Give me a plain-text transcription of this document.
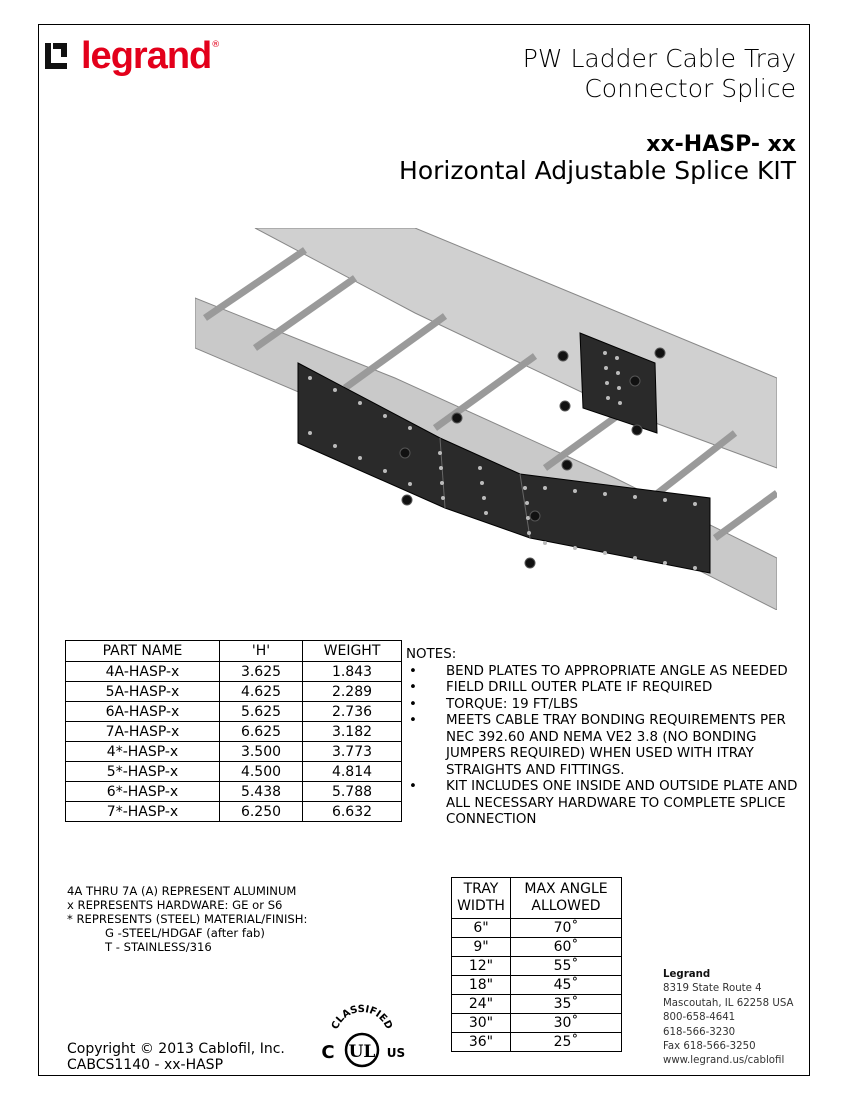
legrand ®	PW Ladder Cable Tray
Connector Splice
xx-HASP- xx
Horizontal Adjustable Splice KIT
PART NAME	'H'	WEIGHT
4A-HASP-x	3.625	1.843
5A-HASP-x	4.625	2.289
6A-HASP-x	5.625	2.736
7A-HASP-x	6.625	3.182
4*-HASP-x	3.500	3.773
5*-HASP-x	4.500	4.814
6*-HASP-x	5.438	5.788
7*-HASP-x	6.250	6.632
NOTES:
• BEND PLATES TO APPROPRIATE ANGLE AS NEEDED
• FIELD DRILL OUTER PLATE IF REQUIRED
• TORQUE: 19 FT/LBS
• MEETS CABLE TRAY BONDING REQUIREMENTS PER NEC 392.60 AND NEMA VE2 3.8 (NO BONDING JUMPERS REQUIRED) WHEN USED WITH ITRAY STRAIGHTS AND FITTINGS.
• KIT INCLUDES ONE INSIDE AND OUTSIDE PLATE AND ALL NECESSARY HARDWARE TO COMPLETE SPLICE CONNECTION
4A THRU 7A (A) REPRESENT ALUMINUM
x REPRESENTS HARDWARE: GE or S6
* REPRESENTS (STEEL) MATERIAL/FINISH:
G -STEEL/HDGAF (after fab)
T - STAINLESS/316
TRAY WIDTH	MAX ANGLE ALLOWED
6"	70˚
9"	60˚
12"	55˚
18"	45˚
24"	35˚
30"	30˚
36"	25˚
CLASSIFIED
UL
C	US
Copyright © 2013 Cablofil, Inc.
CABCS1140 - xx-HASP
Legrand
8319 State Route 4
Mascoutah, IL 62258 USA
800-658-4641
618-566-3230
Fax 618-566-3250
www.legrand.us/cablofil
